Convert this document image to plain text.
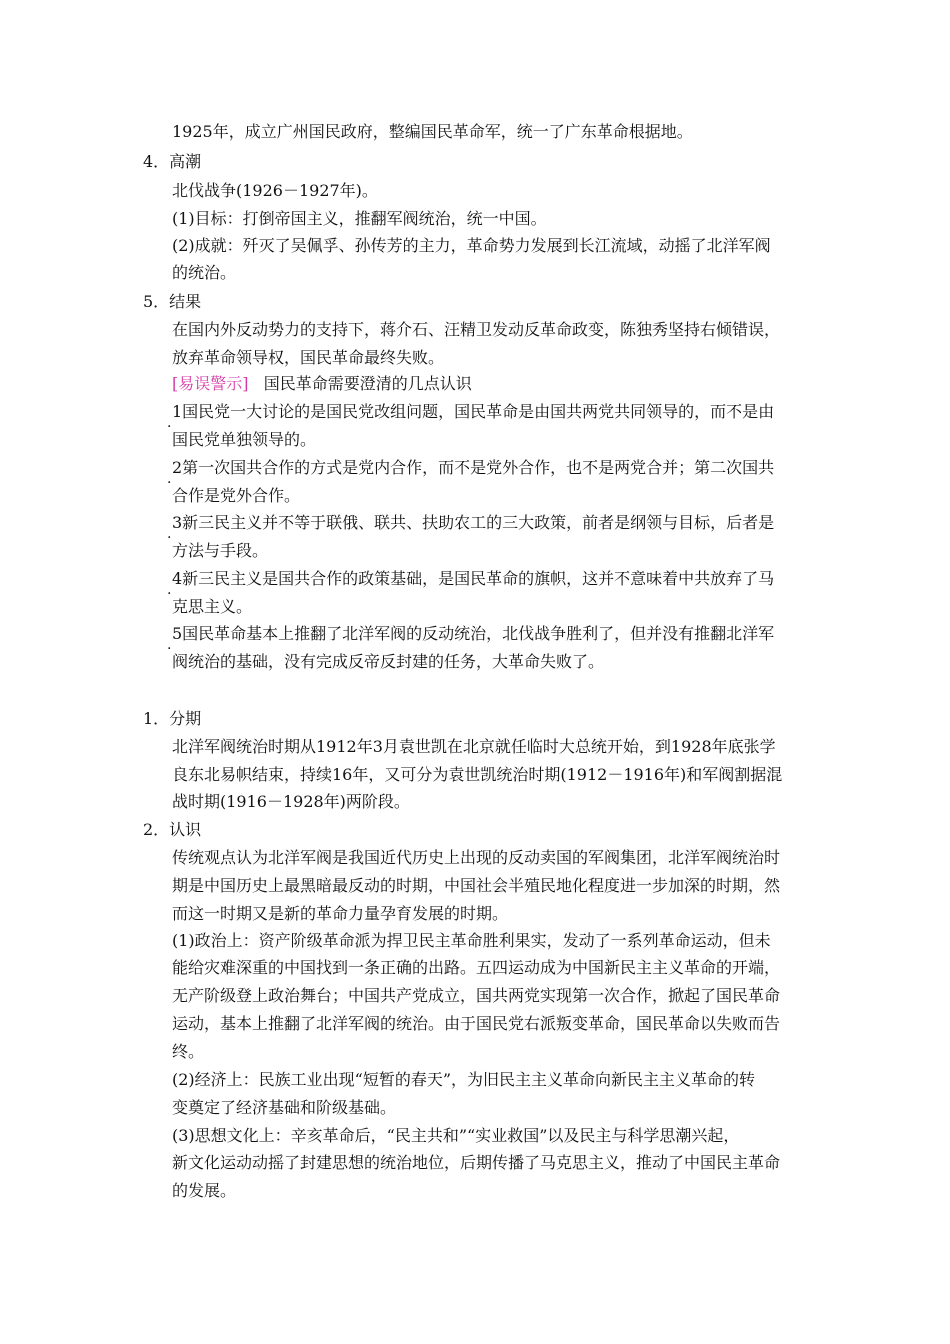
1925年，成立广州国民政府，整编国民革命军，统一了广东革命根据地。
4．高潮
北伐战争(1926－1927年)。
(1)目标：打倒帝国主义，推翻军阀统治，统一中国。
(2)成就：歼灭了吴佩孚、孙传芳的主力，革命势力发展到长江流域，动摇了北洋军阀
的统治。
5．结果
在国内外反动势力的支持下，蒋介石、汪精卫发动反革命政变，陈独秀坚持右倾错误，
放弃革命领导权，国民革命最终失败。
[易误警示] 国民革命需要澄清的几点认识
.
1国民党一大讨论的是国民党改组问题，国民革命是由国共两党共同领导的，而不是由
国民党单独领导的。
.
2第一次国共合作的方式是党内合作，而不是党外合作，也不是两党合并；第二次国共
合作是党外合作。
.
3新三民主义并不等于联俄、联共、扶助农工的三大政策，前者是纲领与目标，后者是
方法与手段。
.
4新三民主义是国共合作的政策基础，是国民革命的旗帜，这并不意味着中共放弃了马
克思主义。
.
5国民革命基本上推翻了北洋军阀的反动统治，北伐战争胜利了，但并没有推翻北洋军
阀统治的基础，没有完成反帝反封建的任务，大革命失败了。
1．分期
北洋军阀统治时期从1912年3月袁世凯在北京就任临时大总统开始，到1928年底张学
良东北易帜结束，持续16年，又可分为袁世凯统治时期(1912－1916年)和军阀割据混
战时期(1916－1928年)两阶段。
2．认识
传统观点认为北洋军阀是我国近代历史上出现的反动卖国的军阀集团，北洋军阀统治时
期是中国历史上最黑暗最反动的时期，中国社会半殖民地化程度进一步加深的时期，然
而这一时期又是新的革命力量孕育发展的时期。
(1)政治上：资产阶级革命派为捍卫民主革命胜利果实，发动了一系列革命运动，但未
能给灾难深重的中国找到一条正确的出路。五四运动成为中国新民主主义革命的开端，
无产阶级登上政治舞台；中国共产党成立，国共两党实现第一次合作，掀起了国民革命
运动，基本上推翻了北洋军阀的统治。由于国民党右派叛变革命，国民革命以失败而告
终。
(2)经济上：民族工业出现“短暂的春天”，为旧民主主义革命向新民主主义革命的转
变奠定了经济基础和阶级基础。
(3)思想文化上：辛亥革命后，“民主共和”“实业救国”以及民主与科学思潮兴起，
新文化运动动摇了封建思想的统治地位，后期传播了马克思主义，推动了中国民主革命
的发展。
